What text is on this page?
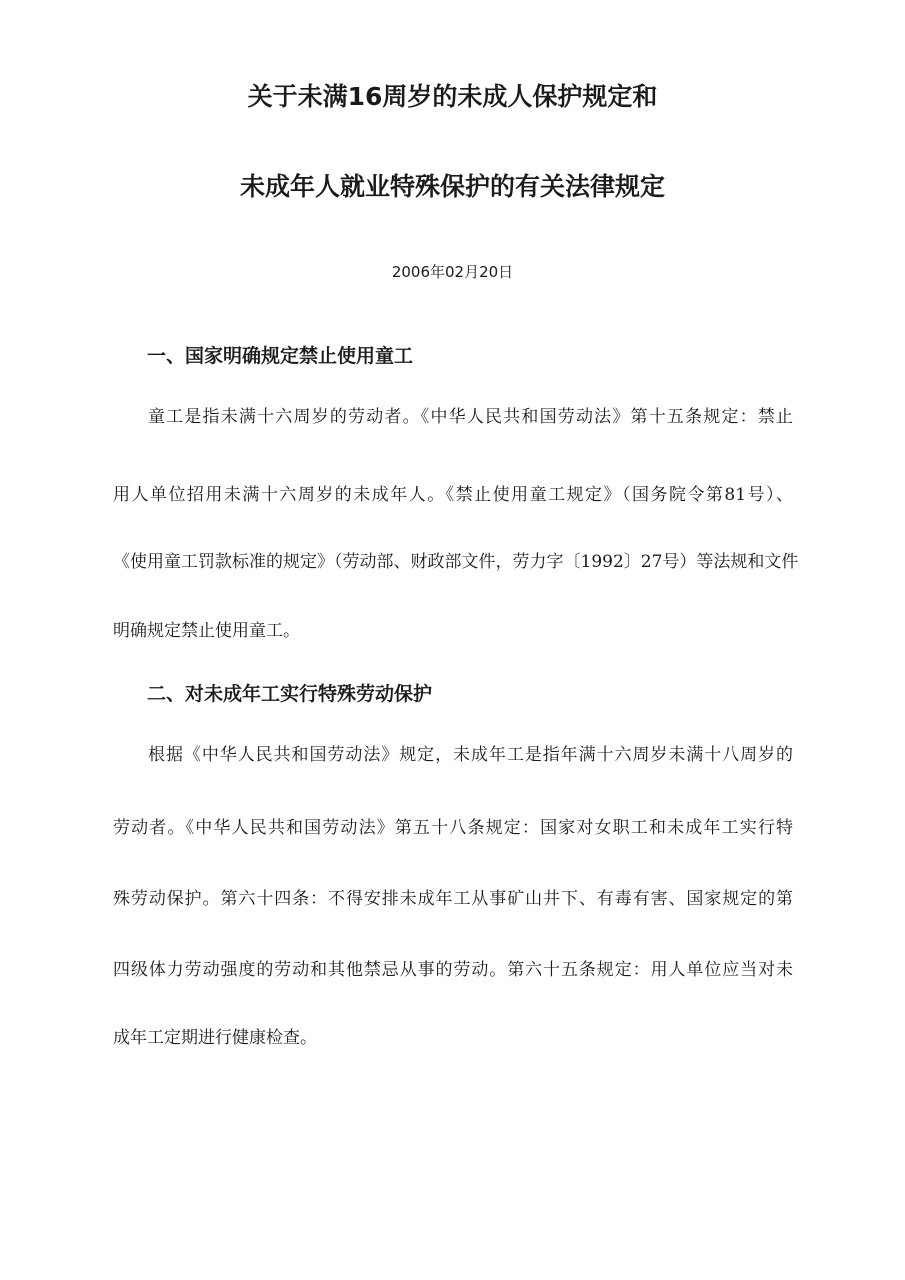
关于未满16周岁的未成人保护规定和
未成年人就业特殊保护的有关法律规定
2006年02月20日
一、国家明确规定禁止使用童工
童工是指未满十六周岁的劳动者。《中华人民共和国劳动法》第十五条规定：禁止
用人单位招用未满十六周岁的未成年人。《禁止使用童工规定》（国务院令第81号）、
《使用童工罚款标准的规定》（劳动部、财政部文件，劳力字〔1992〕27号）等法规和文件
明确规定禁止使用童工。
二、对未成年工实行特殊劳动保护
根据《中华人民共和国劳动法》规定，未成年工是指年满十六周岁未满十八周岁的
劳动者。《中华人民共和国劳动法》第五十八条规定：国家对女职工和未成年工实行特
殊劳动保护。第六十四条：不得安排未成年工从事矿山井下、有毒有害、国家规定的第
四级体力劳动强度的劳动和其他禁忌从事的劳动。第六十五条规定：用人单位应当对未
成年工定期进行健康检查。
